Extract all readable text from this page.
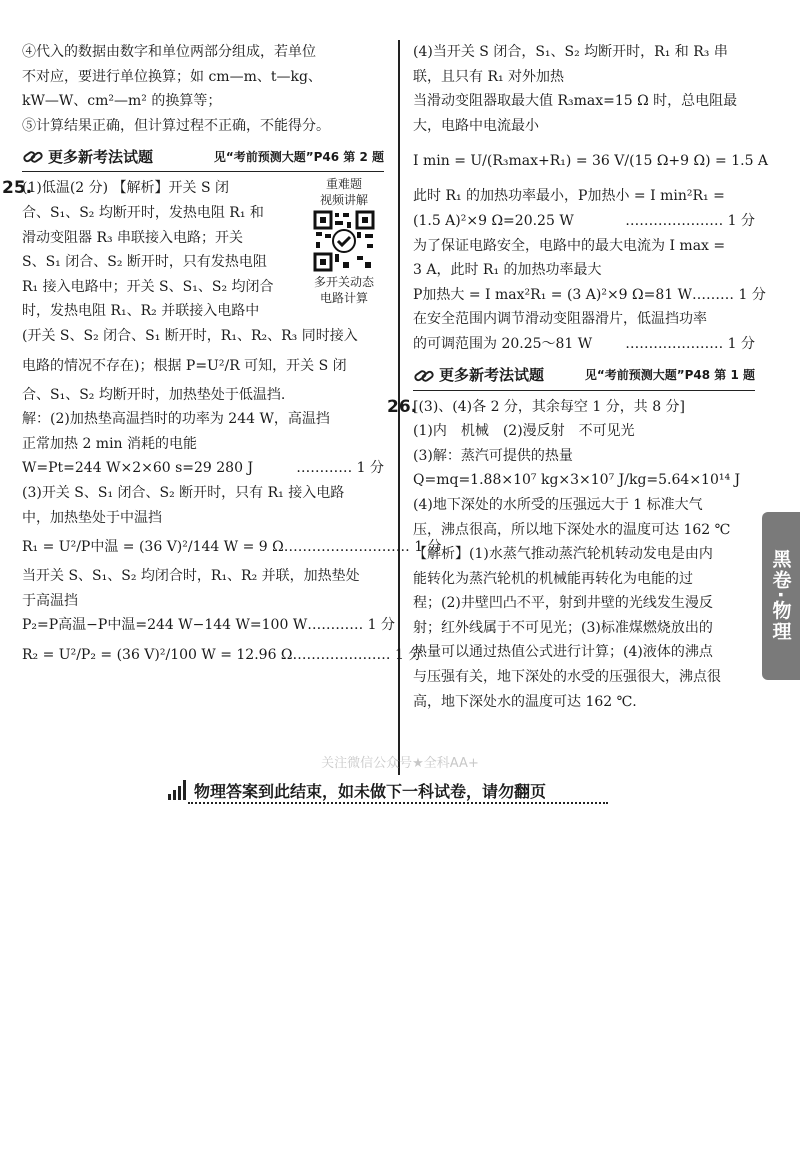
④代入的数据由数字和单位两部分组成，若单位
不对应，要进行单位换算；如 cm—m、t—kg、
kW—W、cm²—m² 的换算等；
⑤计算结果正确，但计算过程不正确，不能得分。
更多新考法试题	见“考前预测大题”P46 第 2 题
25.
(1)低温(2 分) 【解析】开关 S 闭
合、S₁、S₂ 均断开时，发热电阻 R₁ 和
滑动变阻器 R₃ 串联接入电路；开关
S、S₁ 闭合、S₂ 断开时，只有发热电阻
R₁ 接入电路中；开关 S、S₁、S₂ 均闭合
时，发热电阻 R₁、R₂ 并联接入电路中
重难题
视频讲解
多开关动态
电路计算
(开关 S、S₂ 闭合、S₁ 断开时，R₁、R₂、R₃ 同时接入
电路的情况不存在)；根据 P=U²/R 可知，开关 S 闭
合、S₁、S₂ 均断开时，加热垫处于低温挡.
解：(2)加热垫高温挡时的功率为 244 W，高温挡
正常加热 2 min 消耗的电能
W=Pt=244 W×2×60 s=29 280 J	………… 1 分
(3)开关 S、S₁ 闭合、S₂ 断开时，只有 R₁ 接入电路
中，加热垫处于中温挡
R₁ = U²/P中温 = (36 V)²/144 W = 9 Ω ……………………… 1 分
当开关 S、S₁、S₂ 均闭合时，R₁、R₂ 并联，加热垫处
于高温挡
P₂=P高温−P中温=244 W−144 W=100 W ………… 1 分
R₂ = U²/P₂ = (36 V)²/100 W = 12.96 Ω ………………… 1 分
(4)当开关 S 闭合，S₁、S₂ 均断开时，R₁ 和 R₃ 串
联，且只有 R₁ 对外加热
当滑动变阻器取最大值 R₃max=15 Ω 时，总电阻最
大，电路中电流最小
I min = U/(R₃max+R₁) = 36 V/(15 Ω+9 Ω) = 1.5 A
此时 R₁ 的加热功率最小，P加热小 = I min²R₁ =
(1.5 A)²×9 Ω=20.25 W	………………… 1 分
为了保证电路安全，电路中的最大电流为 I max =
3 A，此时 R₁ 的加热功率最大
P加热大 = I max²R₁ = (3 A)²×9 Ω=81 W ……… 1 分
在安全范围内调节滑动变阻器滑片，低温挡功率
的可调范围为 20.25～81 W ………………… 1 分
更多新考法试题	见“考前预测大题”P48 第 1 题
26.
[(3)、(4)各 2 分，其余每空 1 分，共 8 分]
(1)内　机械　(2)漫反射　不可见光
(3)解：蒸汽可提供的热量
Q=mq=1.88×10⁷ kg×3×10⁷ J/kg=5.64×10¹⁴ J
(4)地下深处的水所受的压强远大于 1 标准大气
压，沸点很高，所以地下深处水的温度可达 162 ℃
【解析】(1)水蒸气推动蒸汽轮机转动发电是由内
能转化为蒸汽轮机的机械能再转化为电能的过
程；(2)井壁凹凸不平，射到井壁的光线发生漫反
射；红外线属于不可见光；(3)标准煤燃烧放出的
热量可以通过热值公式进行计算；(4)液体的沸点
与压强有关，地下深处的水受的压强很大，沸点很
高，地下深处水的温度可达 162 ℃.
黑卷·物理
关注微信公众号★全科AA+
物理答案到此结束，如未做下一科试卷，请勿翻页
